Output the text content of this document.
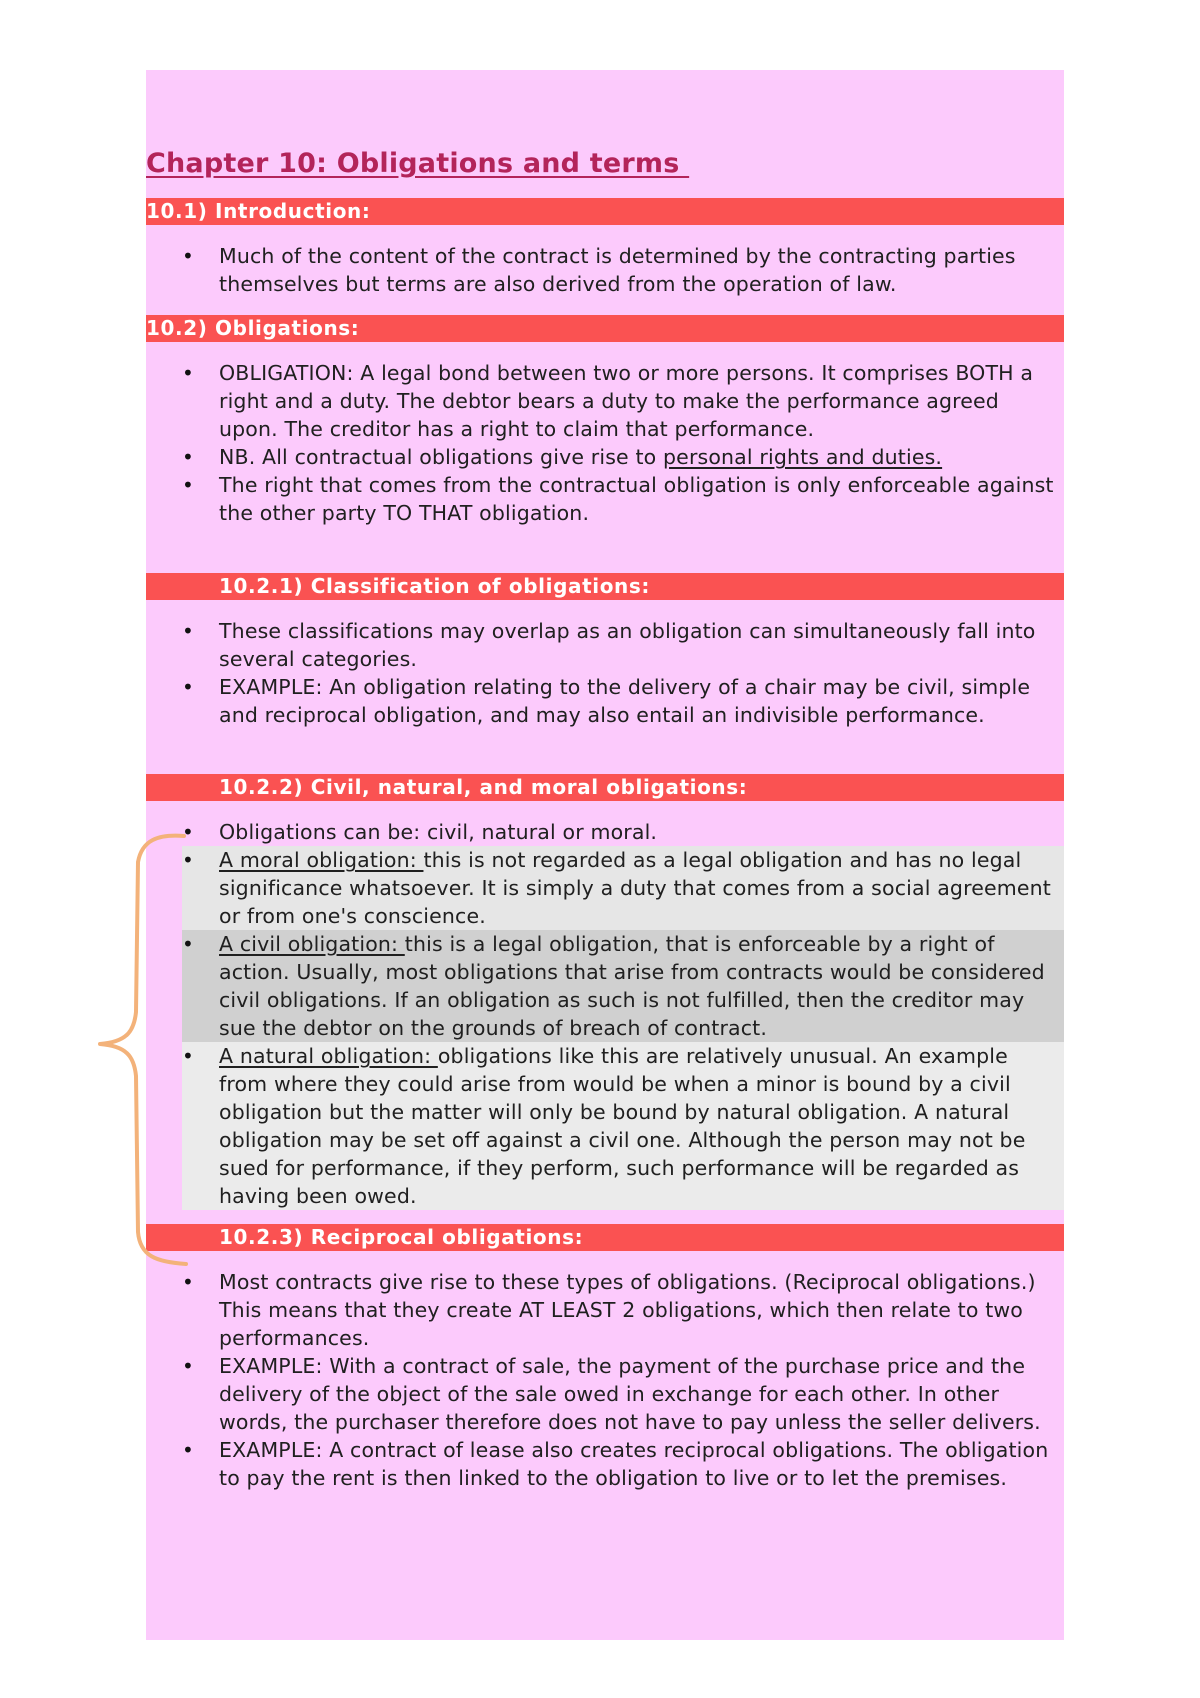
Chapter 10: Obligations and terms
10.1) Introduction:
• Much of the content of the contract is determined by the contracting parties themselves but terms are also derived from the operation of law.
10.2) Obligations:
• OBLIGATION: A legal bond between two or more persons. It comprises BOTH a right and a duty. The debtor bears a duty to make the performance agreed upon. The creditor has a right to claim that performance.
• NB. All contractual obligations give rise to personal rights and duties.
• The right that comes from the contractual obligation is only enforceable against the other party TO THAT obligation.
10.2.1) Classification of obligations:
• These classifications may overlap as an obligation can simultaneously fall into several categories.
• EXAMPLE: An obligation relating to the delivery of a chair may be civil, simple and reciprocal obligation, and may also entail an indivisible performance.
10.2.2) Civil, natural, and moral obligations:
• Obligations can be: civil, natural or moral.
• A moral obligation: this is not regarded as a legal obligation and has no legal significance whatsoever. It is simply a duty that comes from a social agreement or from one's conscience.
• A civil obligation: this is a legal obligation, that is enforceable by a right of action. Usually, most obligations that arise from contracts would be considered civil obligations. If an obligation as such is not fulfilled, then the creditor may sue the debtor on the grounds of breach of contract.
• A natural obligation: obligations like this are relatively unusual. An example from where they could arise from would be when a minor is bound by a civil obligation but the matter will only be bound by natural obligation. A natural obligation may be set off against a civil one. Although the person may not be sued for performance, if they perform, such performance will be regarded as having been owed.
10.2.3) Reciprocal obligations:
• Most contracts give rise to these types of obligations. (Reciprocal obligations.) This means that they create AT LEAST 2 obligations, which then relate to two performances.
• EXAMPLE: With a contract of sale, the payment of the purchase price and the delivery of the object of the sale owed in exchange for each other. In other words, the purchaser therefore does not have to pay unless the seller delivers.
• EXAMPLE: A contract of lease also creates reciprocal obligations. The obligation to pay the rent is then linked to the obligation to live or to let the premises.
